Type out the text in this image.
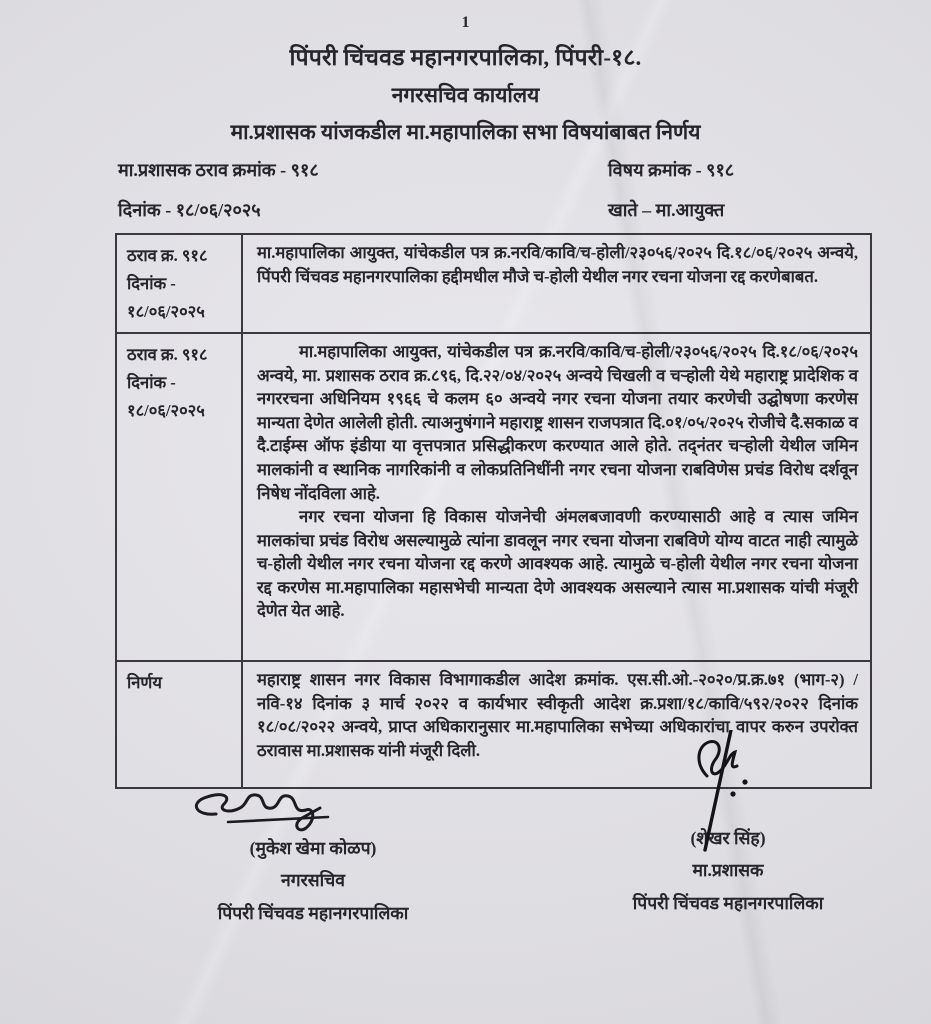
1
पिंपरी चिंचवड महानगरपालिका, पिंपरी-१८.
नगरसचिव कार्यालय
मा.प्रशासक यांजकडील मा.महापालिका सभा विषयांबाबत निर्णय
मा.प्रशासक ठराव क्रमांक - ९१८
दिनांक - १८/०६/२०२५
विषय क्रमांक - ९१८
खाते – मा.आयुक्त
ठराव क्र. ९१८
दिनांक -
१८/०६/२०२५

मा.महापालिका आयुक्त, यांचेकडील पत्र क्र.नरवि/कावि/च-होली/२३०५६/२०२५ दि.१८/०६/२०२५ अन्वये, पिंपरी चिंचवड महानगरपालिका हद्दीमधील मौजे च-होली येथील नगर रचना योजना रद्द करणेबाबत.

ठराव क्र. ९१८
दिनांक -
१८/०६/२०२५

मा.महापालिका आयुक्त, यांचेकडील पत्र क्र.नरवि/कावि/च-होली/२३०५६/२०२५ दि.१८/०६/२०२५ अन्वये, मा. प्रशासक ठराव क्र.८९६, दि.२२/०४/२०२५ अन्वये चिखली व चऱ्होली येथे महाराष्ट्र प्रादेशिक व नगररचना अधिनियम १९६६ चे कलम ६० अन्वये नगर रचना योजना तयार करणेची उद्घोषणा करणेस मान्यता देणेत आलेली होती. त्याअनुषंगाने महाराष्ट्र शासन राजपत्रात दि.०१/०५/२०२५ रोजीचे दै.सकाळ व दै.टाईम्स ऑफ इंडीया या वृत्तपत्रात प्रसिद्धीकरण करण्यात आले होते. तद्नंतर चऱ्होली येथील जमिन मालकांनी व स्थानिक नागरिकांनी व लोकप्रतिनिधींनी नगर रचना योजना राबविणेस प्रचंड विरोध दर्शवून निषेध नोंदविला आहे.

नगर रचना योजना हि विकास योजनेची अंमलबजावणी करण्यासाठी आहे व त्यास जमिन मालकांचा प्रचंड विरोध असल्यामुळे त्यांना डावलून नगर रचना योजना राबविणे योग्य वाटत नाही त्यामुळे च-होली येथील नगर रचना योजना रद्द करणे आवश्यक आहे. त्यामुळे च-होली येथील नगर रचना योजना रद्द करणेस मा.महापालिका महासभेची मान्यता देणे आवश्यक असल्याने त्यास मा.प्रशासक यांची मंजूरी देणेत येत आहे.

निर्णय	महाराष्ट्र शासन नगर विकास विभागाकडील आदेश क्रमांक. एस.सी.ओ.-२०२०/प्र.क्र.७१ (भाग-२) /नवि-१४ दिनांक ३ मार्च २०२२ व कार्यभार स्वीकृती आदेश क्र.प्रशा/१८/कावि/५९२/२०२२ दिनांक १८/०८/२०२२ अन्वये, प्राप्त अधिकारानुसार मा.महापालिका सभेच्या अधिकारांचा वापर करुन उपरोक्त ठरावास मा.प्रशासक यांनी मंजूरी दिली.

(मुकेश खेमा कोळप)
नगरसचिव
पिंपरी चिंचवड महानगरपालिका
(शेखर सिंह)
मा.प्रशासक
पिंपरी चिंचवड महानगरपालिका
